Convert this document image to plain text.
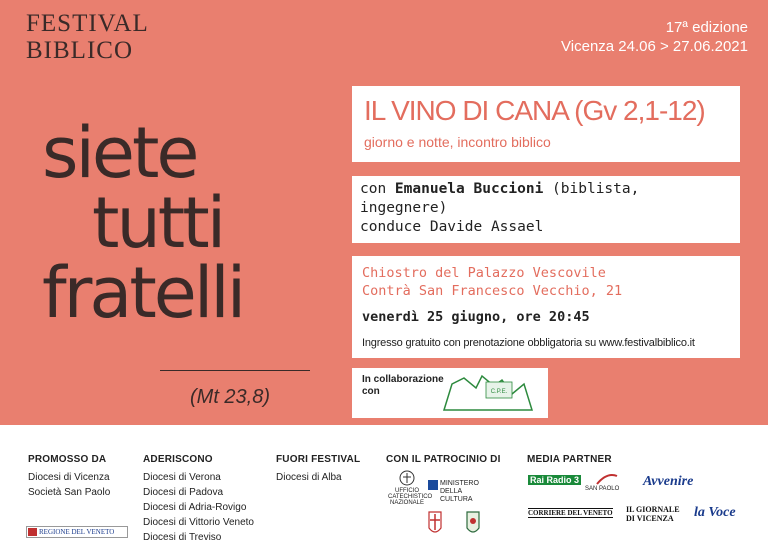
FESTIVAL
BIBLICO
17ª edizione
Vicenza 24.06 > 27.06.2021
siete
tutti
fratelli
(Mt 23,8)
IL VINO DI CANA (Gv 2,1-12)
giorno e notte, incontro biblico

con Emanuela Buccioni (biblista, ingegnere)

conduce Davide Assael

Chiostro del Palazzo Vescovile
Contrà San Francesco Vecchio, 21
venerdì 25 giugno, ore 20:45
Ingresso gratuito con prenotazione obbligatoria su www.festivalbiblico.it
In collaborazione con	C.P.E.
PROMOSSO DA
Diocesi di Vicenza
Società San Paolo
ADERISCONO
Diocesi di Verona
Diocesi di Padova
Diocesi di Adria-Rovigo
Diocesi di Vittorio Veneto
Diocesi di Treviso
FUORI FESTIVAL
Diocesi di Alba
CON IL PATROCINIO DI
UFFICIO CATECHISTICO NAZIONALE
MINISTERO DELLA CULTURA
MEDIA PARTNER
Rai Radio 3
SAN PAOLO Avvenire
CORRIERE DEL VENETO IL GIORNALE DI VICENZA	la Voce
REGIONE DEL VENETO
